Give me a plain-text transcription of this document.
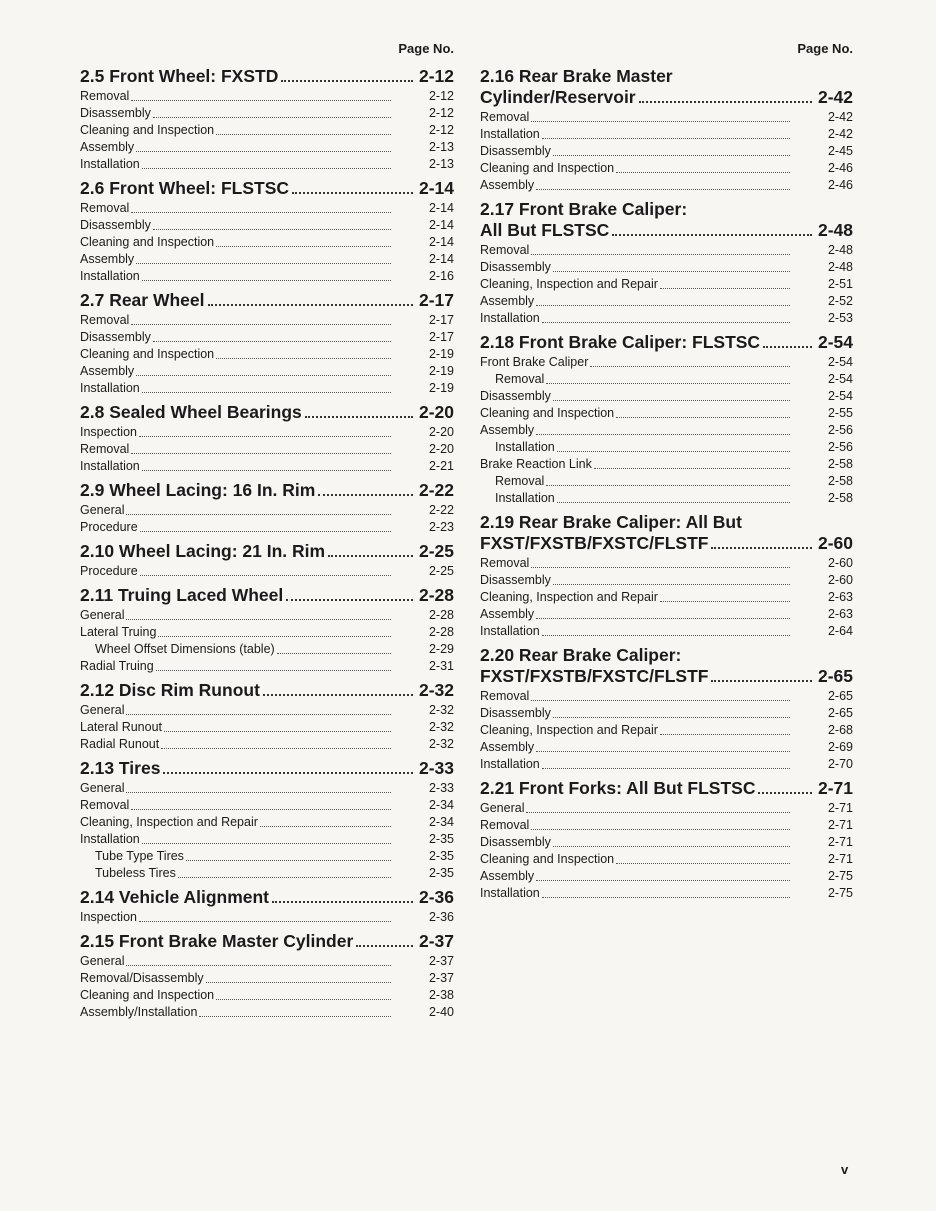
Page No.
2.5 Front Wheel: FXSTD	2-12
Removal	2-12
Disassembly	2-12
Cleaning and Inspection	2-12
Assembly	2-13
Installation	2-13
2.6 Front Wheel: FLSTSC	2-14
Removal	2-14
Disassembly	2-14
Cleaning and Inspection	2-14
Assembly	2-14
Installation	2-16
2.7 Rear Wheel	2-17
Removal	2-17
Disassembly	2-17
Cleaning and Inspection	2-19
Assembly	2-19
Installation	2-19
2.8 Sealed Wheel Bearings	2-20
Inspection	2-20
Removal	2-20
Installation	2-21
2.9 Wheel Lacing: 16 In. Rim	2-22
General	2-22
Procedure	2-23
2.10 Wheel Lacing: 21 In. Rim	2-25
Procedure	2-25
2.11 Truing Laced Wheel	2-28
General	2-28
Lateral Truing	2-28
Wheel Offset Dimensions (table)	2-29
Radial Truing	2-31
2.12 Disc Rim Runout	2-32
General	2-32
Lateral Runout	2-32
Radial Runout	2-32
2.13 Tires	2-33
General	2-33
Removal	2-34
Cleaning, Inspection and Repair	2-34
Installation	2-35
Tube Type Tires	2-35
Tubeless Tires	2-35
2.14 Vehicle Alignment	2-36
Inspection	2-36
2.15 Front Brake Master Cylinder	2-37
General	2-37
Removal/Disassembly	2-37
Cleaning and Inspection	2-38
Assembly/Installation	2-40
Page No.
2.16 Rear Brake Master
Cylinder/Reservoir	2-42
Removal	2-42
Installation	2-42
Disassembly	2-45
Cleaning and Inspection	2-46
Assembly	2-46
2.17 Front Brake Caliper:
All But FLSTSC	2-48
Removal	2-48
Disassembly	2-48
Cleaning, Inspection and Repair	2-51
Assembly	2-52
Installation	2-53
2.18 Front Brake Caliper: FLSTSC	2-54
Front Brake Caliper	2-54
Removal	2-54
Disassembly	2-54
Cleaning and Inspection	2-55
Assembly	2-56
Installation	2-56
Brake Reaction Link	2-58
Removal	2-58
Installation	2-58
2.19 Rear Brake Caliper: All But
FXST/FXSTB/FXSTC/FLSTF	2-60
Removal	2-60
Disassembly	2-60
Cleaning, Inspection and Repair	2-63
Assembly	2-63
Installation	2-64
2.20 Rear Brake Caliper:
FXST/FXSTB/FXSTC/FLSTF	2-65
Removal	2-65
Disassembly	2-65
Cleaning, Inspection and Repair	2-68
Assembly	2-69
Installation	2-70
2.21 Front Forks: All But FLSTSC	2-71
General	2-71
Removal	2-71
Disassembly	2-71
Cleaning and Inspection	2-71
Assembly	2-75
Installation	2-75
v
